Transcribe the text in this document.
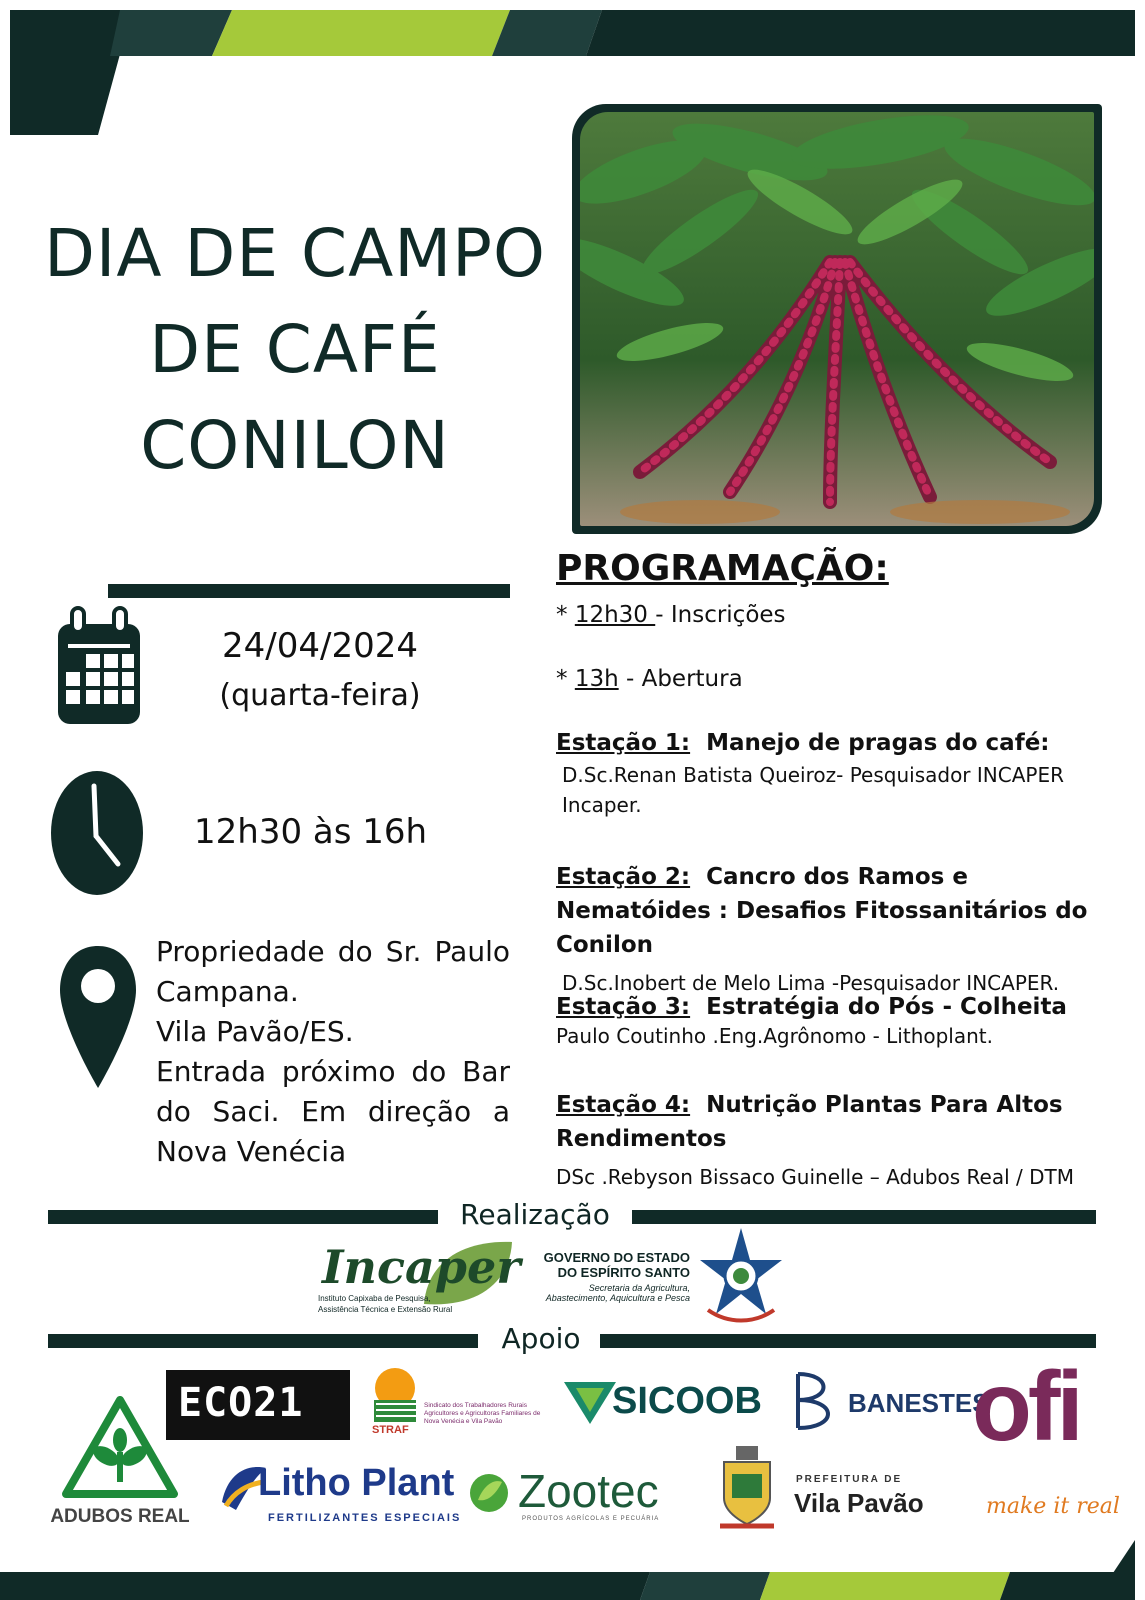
DIA DE CAMPO
DE CAFÉ
CONILON
24/04/2024
(quarta-feira)
12h30 às 16h
Propriedade do Sr. Paulo Campana.
Vila Pavão/ES.
Entrada próximo do Bar do Saci. Em direção a Nova Venécia
PROGRAMAÇÃO:
* 12h30 - Inscrições
* 13h - Abertura
Estação 1: Manejo de pragas do café:
D.Sc.Renan Batista Queiroz- Pesquisador INCAPER Incaper.
Estação 2: Cancro dos Ramos e Nematóides : Desafios Fitossanitários do Conilon
D.Sc.Inobert de Melo Lima -Pesquisador INCAPER.
Estação 3: Estratégia do Pós - Colheita
Paulo Coutinho .Eng.Agrônomo - Lithoplant.
Estação 4: Nutrição Plantas Para Altos Rendimentos
DSc .Rebyson Bissaco Guinelle – Adubos Real / DTM
Realização
Incaper
Instituto Capixaba de Pesquisa,
Assistência Técnica e Extensão Rural
GOVERNO DO ESTADO
DO ESPÍRITO SANTO
Secretaria da Agricultura,
Abastecimento, Aquicultura e Pesca
Apoio
ADUBOS REAL
ECO21
STRAF
Sindicato dos Trabalhadores Rurais Agricultores e Agricultoras Familiares de Nova Venécia e Vila Pavão	SICOOB	BANESTES
ofi
make it real
Litho Plant
FERTILIZANTES ESPECIAIS
Zootec
PRODUTOS AGRÍCOLAS E PECUÁRIA
PREFEITURA DE
Vila Pavão
